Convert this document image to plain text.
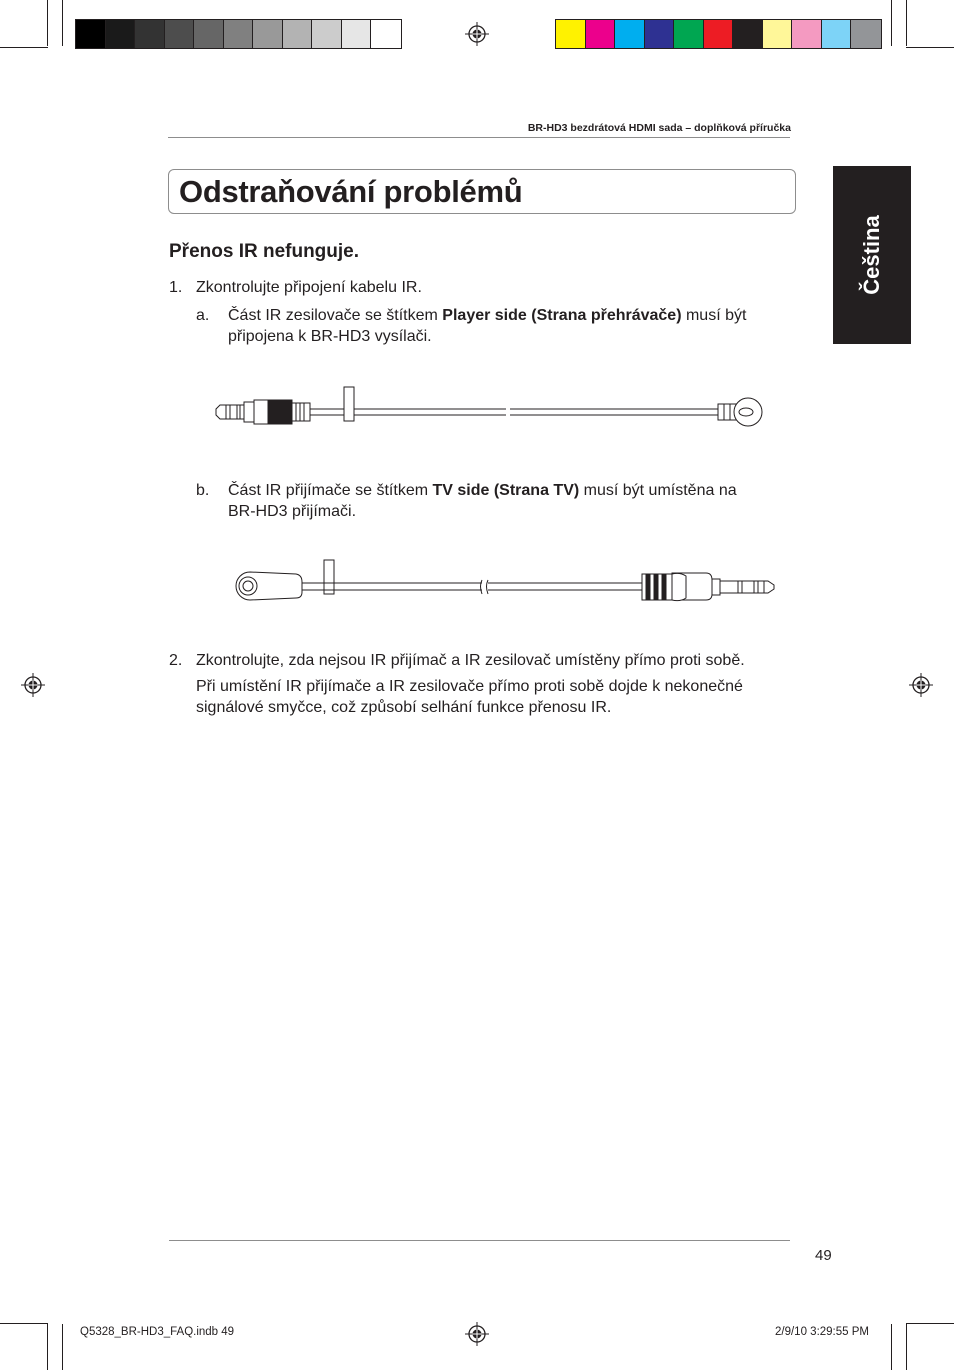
BR-HD3 bezdrátová HDMI sada – doplňková příručka
Odstraňování problémů
Čeština
Přenos IR nefunguje.
1. Zkontrolujte připojení kabelu IR.
a. Část IR zesilovače se štítkem Player side (Strana přehrávače) musí být
připojena k BR-HD3 vysílači.
b. Část IR přijímače se štítkem TV side (Strana TV) musí být umístěna na
BR-HD3 přijímači.
2. Zkontrolujte, zda nejsou IR přijímač a IR zesilovač umístěny přímo proti sobě.
Při umístění IR přijímače a IR zesilovače přímo proti sobě dojde k nekonečné
signálové smyčce, což způsobí selhání funkce přenosu IR.
49
Q5328_BR-HD3_FAQ.indb 49	2/9/10 3:29:55 PM
